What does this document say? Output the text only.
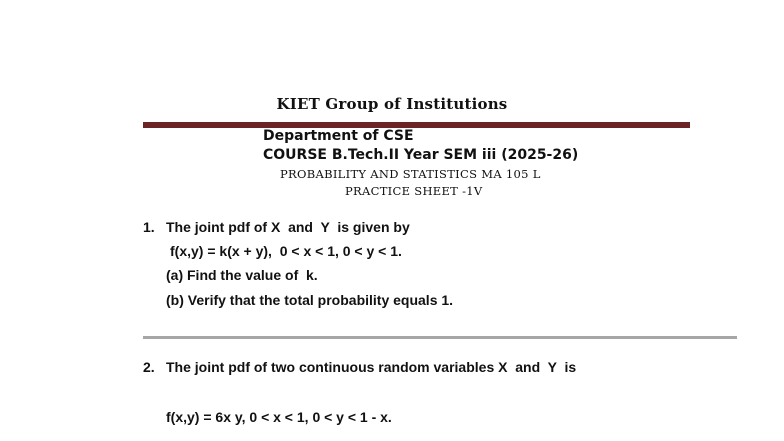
KIET Group of Institutions
Department of CSE
COURSE B.Tech.II Year SEM iii (2025-26)
PROBABILITY AND STATISTICS MA 105 L
PRACTICE SHEET -1V
1. The joint pdf of X  and  Y  is given by
f(x,y) = k(x + y),  0 < x < 1, 0 < y < 1.
(a) Find the value of  k.
(b) Verify that the total probability equals 1.
2. The joint pdf of two continuous random variables X  and  Y  is
f(x,y) = 6x y, 0 < x < 1, 0 < y < 1 - x.
